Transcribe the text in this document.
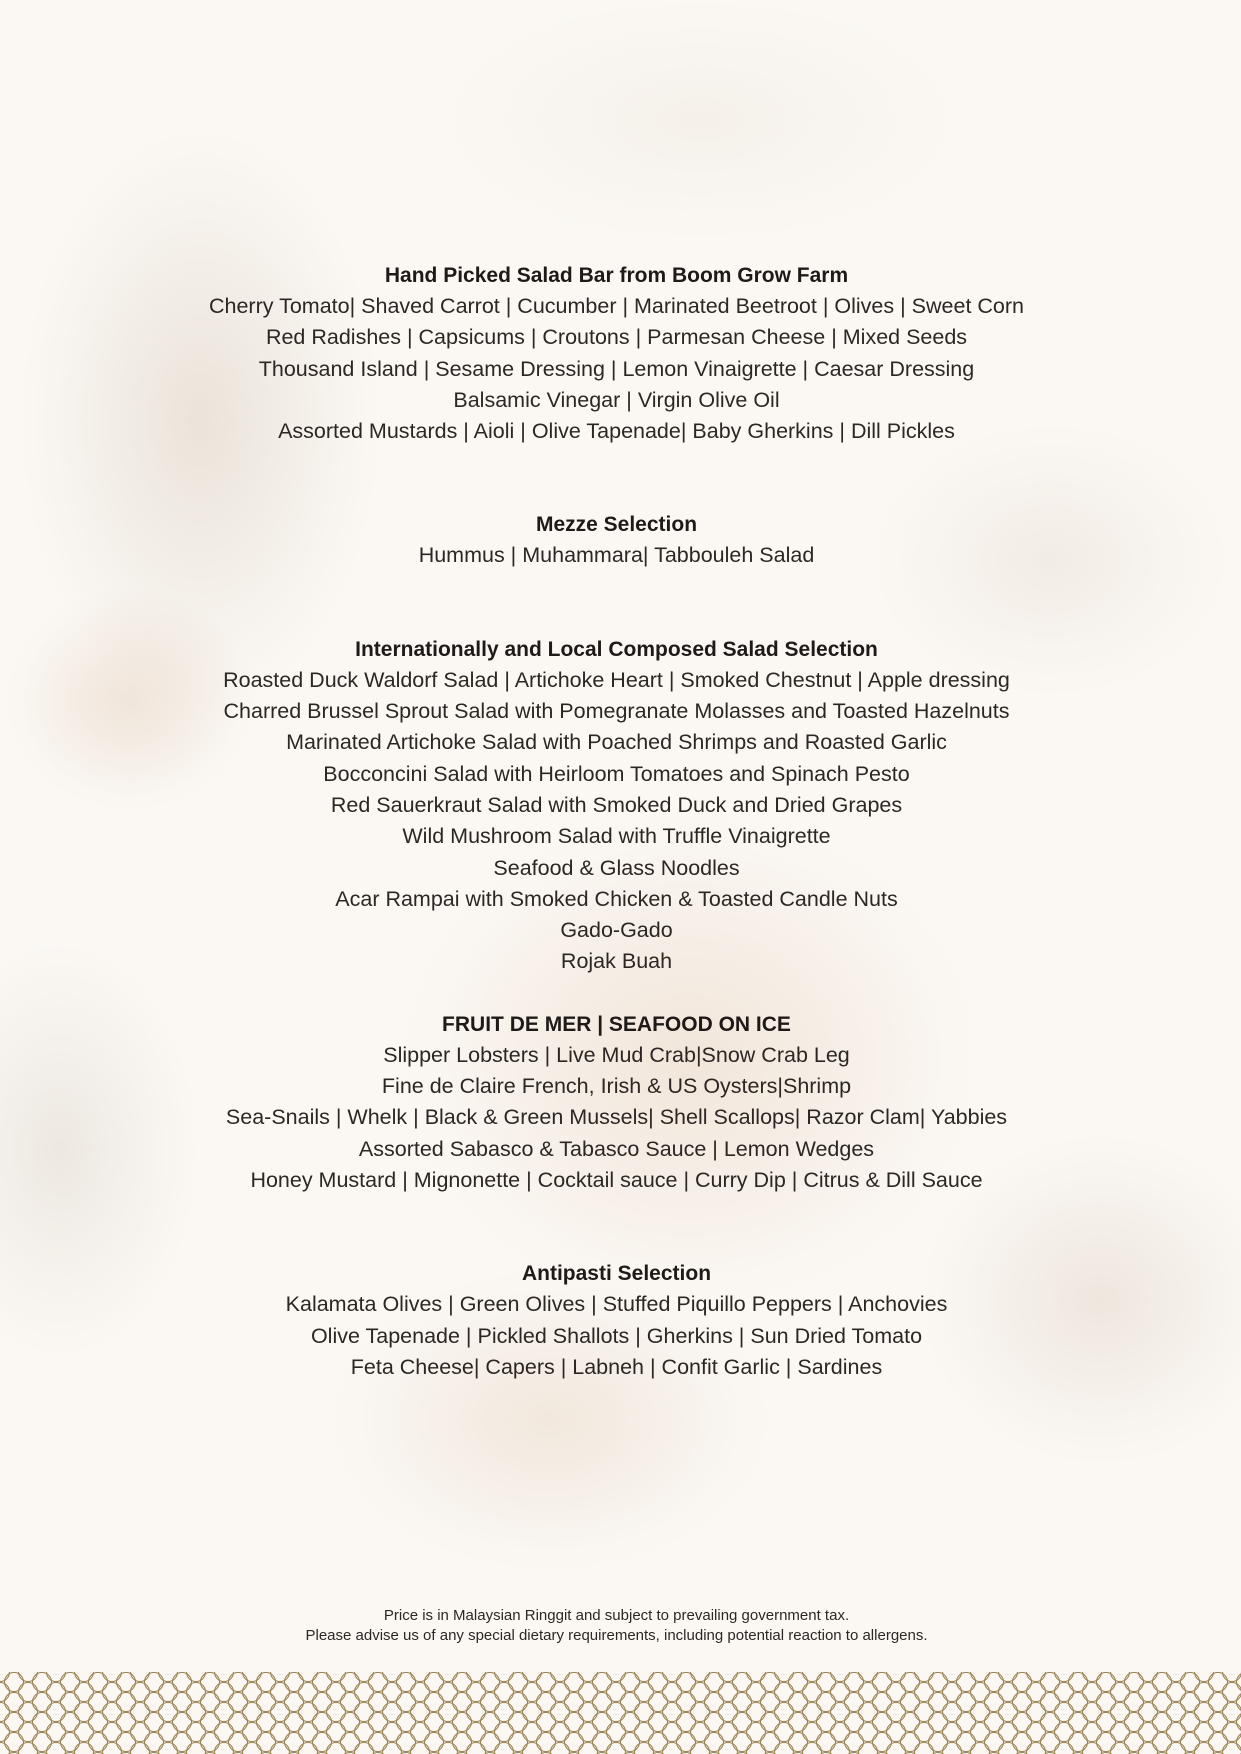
Hand Picked Salad Bar from Boom Grow Farm
Cherry Tomato| Shaved Carrot | Cucumber | Marinated Beetroot | Olives | Sweet Corn
Red Radishes | Capsicums | Croutons | Parmesan Cheese | Mixed Seeds
Thousand Island | Sesame Dressing | Lemon Vinaigrette | Caesar Dressing
Balsamic Vinegar | Virgin Olive Oil
Assorted Mustards | Aioli | Olive Tapenade| Baby Gherkins | Dill Pickles
Mezze Selection
Hummus | Muhammara| Tabbouleh Salad
Internationally and Local Composed Salad Selection
Roasted Duck Waldorf Salad | Artichoke Heart | Smoked Chestnut | Apple dressing
Charred Brussel Sprout Salad with Pomegranate Molasses and Toasted Hazelnuts
Marinated Artichoke Salad with Poached Shrimps and Roasted Garlic
Bocconcini Salad with Heirloom Tomatoes and Spinach Pesto
Red Sauerkraut Salad with Smoked Duck and Dried Grapes
Wild Mushroom Salad with Truffle Vinaigrette
Seafood & Glass Noodles
Acar Rampai with Smoked Chicken & Toasted Candle Nuts
Gado-Gado
Rojak Buah
FRUIT DE MER | SEAFOOD ON ICE
Slipper Lobsters | Live Mud Crab|Snow Crab Leg
Fine de Claire French, Irish & US Oysters|Shrimp
Sea-Snails | Whelk | Black & Green Mussels| Shell Scallops| Razor Clam| Yabbies
Assorted Sabasco & Tabasco Sauce | Lemon Wedges
Honey Mustard | Mignonette | Cocktail sauce | Curry Dip | Citrus & Dill Sauce
Antipasti Selection
Kalamata Olives | Green Olives | Stuffed Piquillo Peppers | Anchovies
Olive Tapenade | Pickled Shallots | Gherkins | Sun Dried Tomato
Feta Cheese| Capers | Labneh | Confit Garlic | Sardines
Price is in Malaysian Ringgit and subject to prevailing government tax.
Please advise us of any special dietary requirements, including potential reaction to allergens.
